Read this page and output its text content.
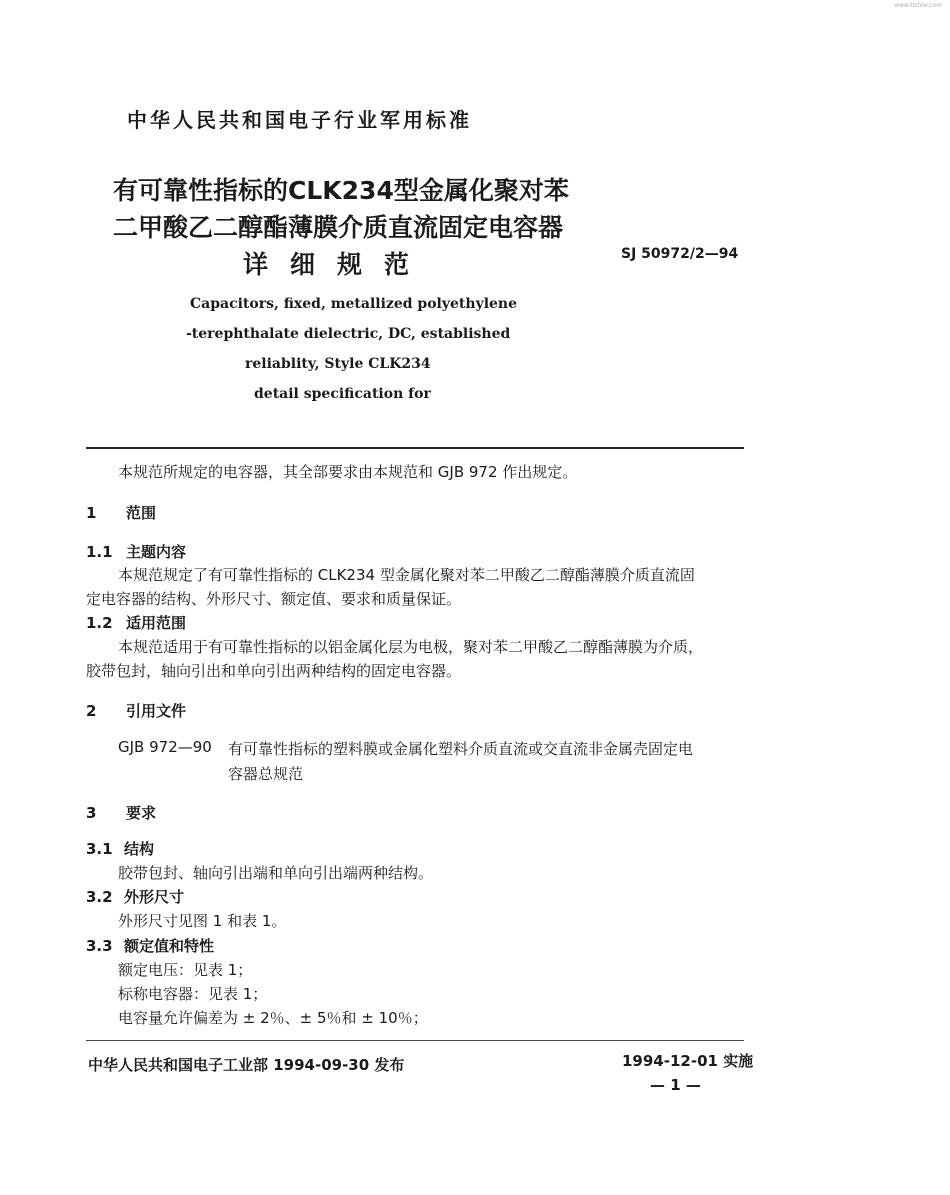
www.bzfxw.com
中华人民共和国电子行业军用标准
有可靠性指标的CLK234型金属化聚对苯
二甲酸乙二醇酯薄膜介质直流固定电容器
详细规范	SJ 50972/2—94
Capacitors, fixed, metallized polyethylene
-terephthalate dielectric, DC, established
reliablity, Style CLK234
detail specification for
本规范所规定的电容器，其全部要求由本规范和 GJB 972 作出规定。
1 范围
1.1 主题内容
本规范规定了有可靠性指标的 CLK234 型金属化聚对苯二甲酸乙二醇酯薄膜介质直流固
定电容器的结构、外形尺寸、额定值、要求和质量保证。
1.2 适用范围
本规范适用于有可靠性指标的以铝金属化层为电极，聚对苯二甲酸乙二醇酯薄膜为介质，
胶带包封，轴向引出和单向引出两种结构的固定电容器。
2 引用文件
GJB 972—90 有可靠性指标的塑料膜或金属化塑料介质直流或交直流非金属壳固定电
容器总规范
3 要求
3.1 结构
胶带包封、轴向引出端和单向引出端两种结构。
3.2 外形尺寸
外形尺寸见图 1 和表 1。
3.3 额定值和特性
额定电压：见表 1；
标称电容器：见表 1；
电容量允许偏差为 ± 2％、± 5％和 ± 10％；
中华人民共和国电子工业部 1994-09-30 发布	1994-12-01 实施
— 1 —
